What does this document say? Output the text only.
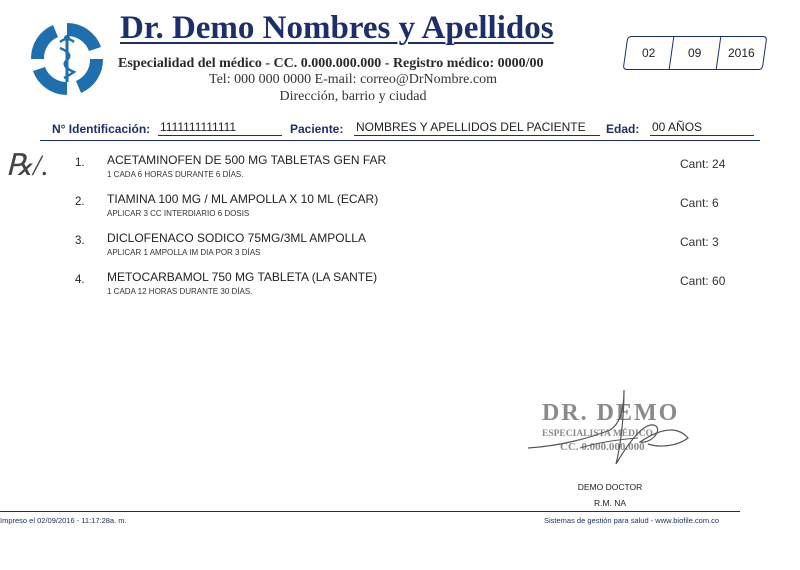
Dr. Demo Nombres y Apellidos
Especialidad del médico - CC. 0.000.000.000 - Registro médico: 0000/00
Tel: 000 000 0000 E-mail: correo@DrNombre.com
Dirección, barrio y ciudad
02	09 2016
N° Identificación: 1111111111111	Paciente: NOMBRES Y APELLIDOS DEL PACIENTE	Edad: 00 AÑOS
℞/. 1. ACETAMINOFEN DE 500 MG TABLETAS GEN FAR
1 CADA 6 HORAS DURANTE 6 DÍAS.
Cant: 24
2. TIAMINA 100 MG / ML AMPOLLA X 10 ML (ECAR)
APLICAR 3 CC INTERDIARIO 6 DOSIS
Cant: 6
3. DICLOFENACO SODICO 75MG/3ML AMPOLLA
APLICAR 1 AMPOLLA IM DIA POR 3 DÍAS
Cant: 3
4. METOCARBAMOL 750 MG TABLETA (LA SANTE)
1 CADA 12 HORAS DURANTE 30 DÍAS.
Cant: 60
DR. DEMO
ESPECIALISTA MÉDICO
CC. 0.000.000.000
DEMO DOCTOR
R.M. NA
Impreso el 02/09/2016 - 11:17:28a. m.	Sistemas de gestión para salud - www.biofile.com.co
